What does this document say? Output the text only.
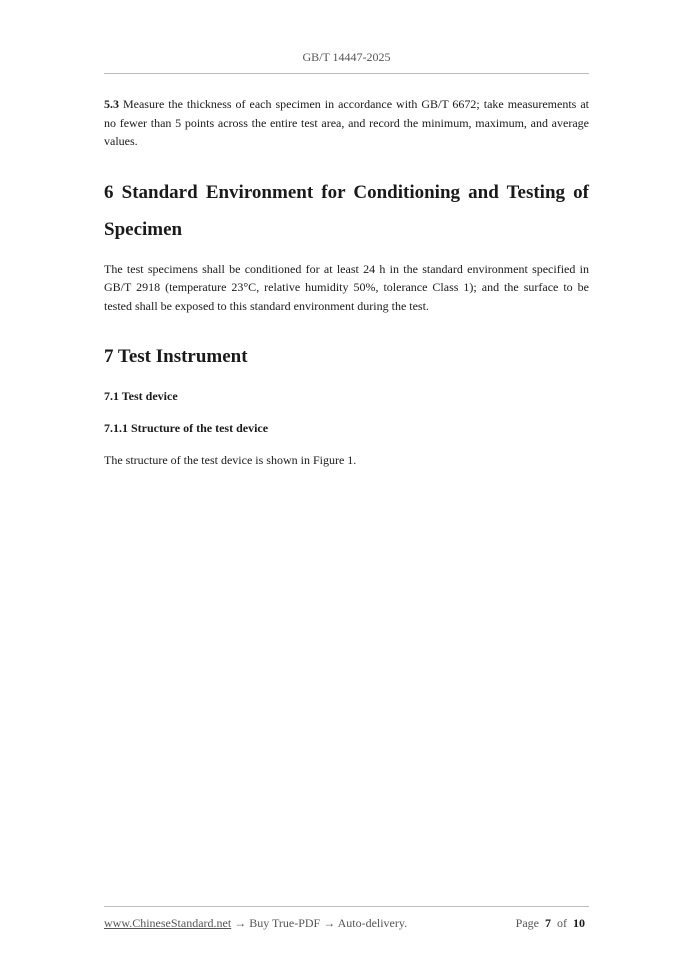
GB/T 14447-2025

5.3 Measure the thickness of each specimen in accordance with GB/T 6672; take measurements at no fewer than 5 points across the entire test area, and record the minimum, maximum, and average values.

6 Standard Environment for Conditioning and Testing of Specimen

The test specimens shall be conditioned for at least 24 h in the standard environment specified in GB/T 2918 (temperature 23°C, relative humidity 50%, tolerance Class 1); and the surface to be tested shall be exposed to this standard environment during the test.

7 Test Instrument
7.1 Test device
7.1.1 Structure of the test device

The structure of the test device is shown in Figure 1.

www.ChineseStandard.net → Buy True-PDF → Auto-delivery.	Page 7 of 10
